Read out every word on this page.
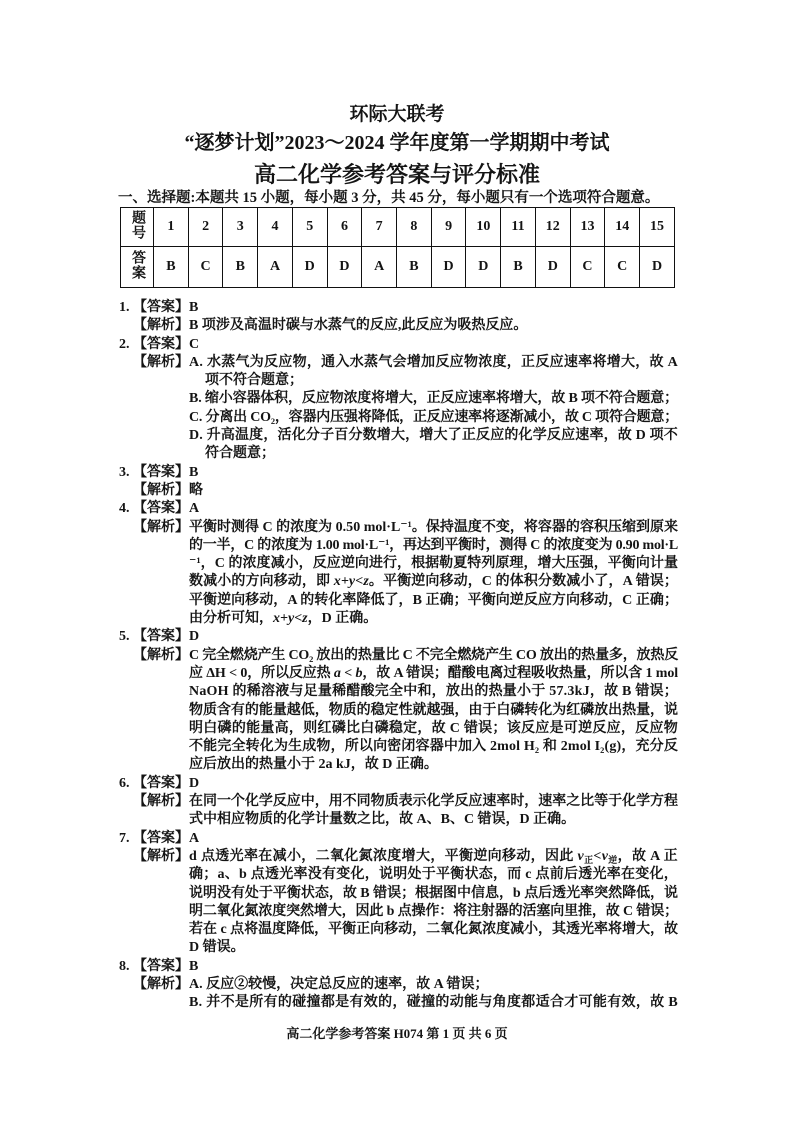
环际大联考
“逐梦计划”2023～2024 学年度第一学期期中考试
高二化学参考答案与评分标准
一、选择题:本题共 15 小题，每小题 3 分，共 45 分，每小题只有一个选项符合题意。
题号	1	2	3	4	5	6	7	8	9	10	11	12	13	14	15
答案	B	C	B	A	D	D	A	B	D	D	B	D	C	C	D
1. 【答案】 B
【解析】 B 项涉及高温时碳与水蒸气的反应,此反应为吸热反应。
2. 【答案】 C
【解析】 A. 水蒸气为反应物，通入水蒸气会增加反应物浓度，正反应速率将增大，故 A
项不符合题意；
B. 缩小容器体积，反应物浓度将增大，正反应速率将增大，故 B 项不符合题意；
C. 分离出 CO₂，容器内压强将降低，正反应速率将逐渐减小，故 C 项符合题意；
D. 升高温度，活化分子百分数增大，增大了正反应的化学反应速率，故 D 项不
符合题意；
3. 【答案】 B
【解析】 略
4. 【答案】 A
【解析】 平衡时测得 C 的浓度为 0.50 mol·L⁻¹。保持温度不变，将容器的容积压缩到原来
的一半，C 的浓度为 1.00 mol·L⁻¹，再达到平衡时，测得 C 的浓度变为 0.90 mol·L
⁻¹，C 的浓度减小，反应逆向进行，根据勒夏特列原理，增大压强，平衡向计量
数减小的方向移动，即 x+y<z。平衡逆向移动，C 的体积分数减小了，A 错误；
平衡逆向移动，A 的转化率降低了，B 正确；平衡向逆反应方向移动，C 正确；
由分析可知，x+y<z，D 正确。
5. 【答案】 D
【解析】 C 完全燃烧产生 CO₂ 放出的热量比 C 不完全燃烧产生 CO 放出的热量多，放热反
应 ΔH < 0，所以反应热 a < b，故 A 错误；醋酸电离过程吸收热量，所以含 1 mol
NaOH 的稀溶液与足量稀醋酸完全中和，放出的热量小于 57.3kJ，故 B 错误；
物质含有的能量越低，物质的稳定性就越强，由于白磷转化为红磷放出热量，说
明白磷的能量高，则红磷比白磷稳定，故 C 错误；该反应是可逆反应，反应物
不能完全转化为生成物，所以向密闭容器中加入 2mol H₂ 和 2mol I₂(g)，充分反
应后放出的热量小于 2a kJ，故 D 正确。
6. 【答案】 D
【解析】 在同一个化学反应中，用不同物质表示化学反应速率时，速率之比等于化学方程
式中相应物质的化学计量数之比，故 A、B、C 错误，D 正确。
7. 【答案】 A
【解析】 d 点透光率在减小，二氧化氮浓度增大，平衡逆向移动，因此 $v_正<v_逆$，故 A 正
确；a、b 点透光率没有变化，说明处于平衡状态，而 c 点前后透光率在变化，
说明没有处于平衡状态，故 B 错误；根据图中信息，b 点后透光率突然降低，说
明二氧化氮浓度突然增大，因此 b 点操作：将注射器的活塞向里推，故 C 错误；
若在 c 点将温度降低，平衡正向移动，二氧化氮浓度减小，其透光率将增大，故
D 错误。
8. 【答案】 B
【解析】 A. 反应②较慢，决定总反应的速率，故 A 错误；
B. 并不是所有的碰撞都是有效的，碰撞的动能与角度都适合才可能有效，故 B
高二化学参考答案 H074 第 1 页 共 6 页
